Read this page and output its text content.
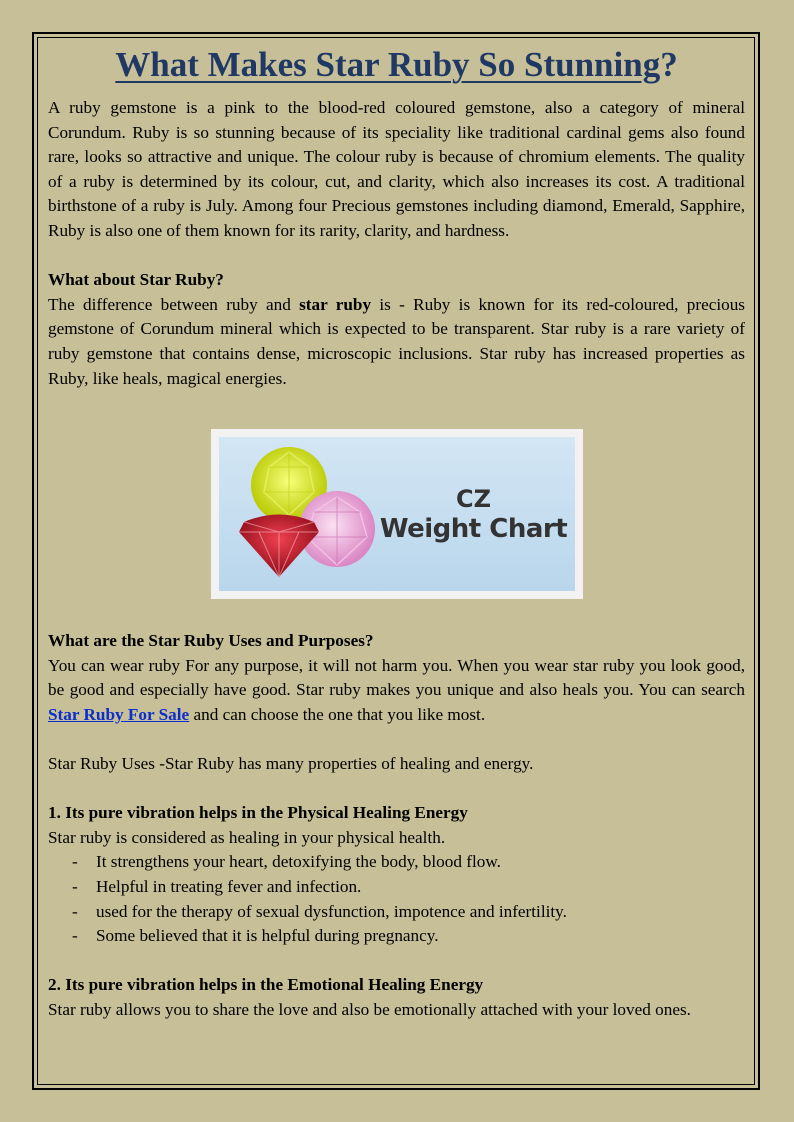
What Makes Star Ruby So Stunning?

A ruby gemstone is a pink to the blood-red coloured gemstone, also a category of mineral Corundum. Ruby is so stunning because of its speciality like traditional cardinal gems also found rare, looks so attractive and unique. The colour ruby is because of chromium elements. The quality of a ruby is determined by its colour, cut, and clarity, which also increases its cost. A traditional birthstone of a ruby is July. Among four Precious gemstones including diamond, Emerald, Sapphire, Ruby is also one of them known for its rarity, clarity, and hardness.

What about Star Ruby?

The difference between ruby and star ruby is - Ruby is known for its red-coloured, precious gemstone of Corundum mineral which is expected to be transparent. Star ruby is a rare variety of ruby gemstone that contains dense, microscopic inclusions. Star ruby has increased properties as Ruby, like heals, magical energies.

CZ
Weight Chart

What are the Star Ruby Uses and Purposes?

You can wear ruby For any purpose, it will not harm you. When you wear star ruby you look good, be good and especially have good. Star ruby makes you unique and also heals you. You can search Star Ruby For Sale and can choose the one that you like most.

Star Ruby Uses -Star Ruby has many properties of healing and energy.

1. Its pure vibration helps in the Physical Healing Energy

Star ruby is considered as healing in your physical health.

- It strengthens your heart, detoxifying the body, blood flow.
- Helpful in treating fever and infection.
- used for the therapy of sexual dysfunction, impotence and infertility.
- Some believed that it is helpful during pregnancy.

2. Its pure vibration helps in the Emotional Healing Energy

Star ruby allows you to share the love and also be emotionally attached with your loved ones.
